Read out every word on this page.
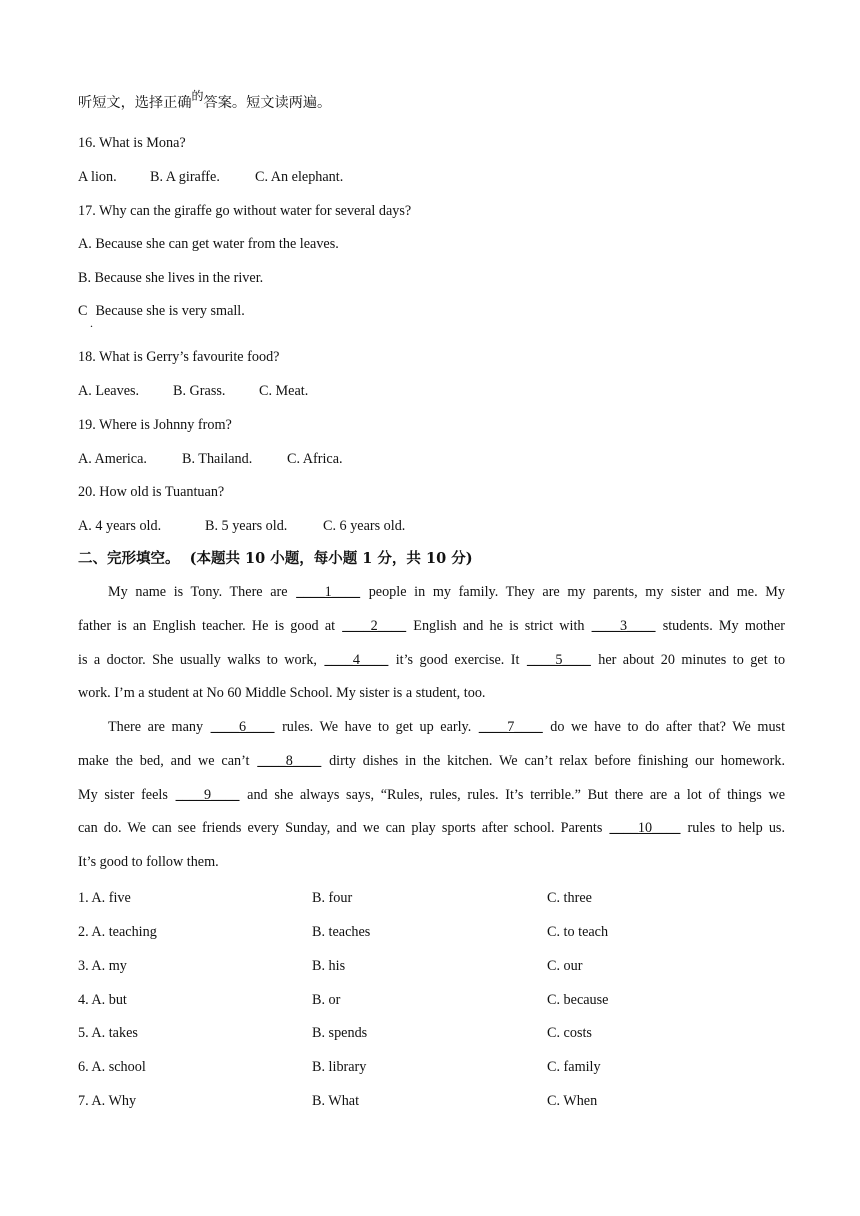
听短文，选择正确$^的$答案。短文读两遍。
16. What is Mona?
A lion. B. A giraffe. C. An elephant.
17. Why can the giraffe go without water for several days?
A. Because she can get water from the leaves.
B. Because she lives in the river.
C
.
Because she is very small.
18. What is Gerry’s favourite food?
A. Leaves. B. Grass. C. Meat.
19. Where is Johnny from?
A. America. B. Thailand. C. Africa.
20. How old is Tuantuan?
A. 4 years old.	B. 5 years old.	C. 6 years old.
二、完形填空。 (本题共 10 小题，每小题 1 分，共 10 分)
My name is Tony. There are ____1____ people in my family. They are my parents, my sister and me. My
father is an English teacher. He is good at ____2____ English and he is strict with ____3____ students. My mother
is a doctor. She usually walks to work, ____4____ it’s good exercise. It ____5____ her about 20 minutes to get to
work. I’m a student at No 60 Middle School. My sister is a student, too.
There are many ____6____ rules. We have to get up early. ____7____ do we have to do after that? We must
make the bed, and we can’t ____8____ dirty dishes in the kitchen. We can’t relax before finishing our homework.
My sister feels ____9____ and she always says, “Rules, rules, rules. It’s terrible.” But there are a lot of things we
can do. We can see friends every Sunday, and we can play sports after school. Parents ____10____ rules to help us.
It’s good to follow them.
1. A. five	B. four	C. three
2. A. teaching	B. teaches	C. to teach
3. A. my	B. his	C. our
4. A. but	B. or	C. because
5. A. takes	B. spends	C. costs
6. A. school	B. library	C. family
7. A. Why	B. What	C. When
